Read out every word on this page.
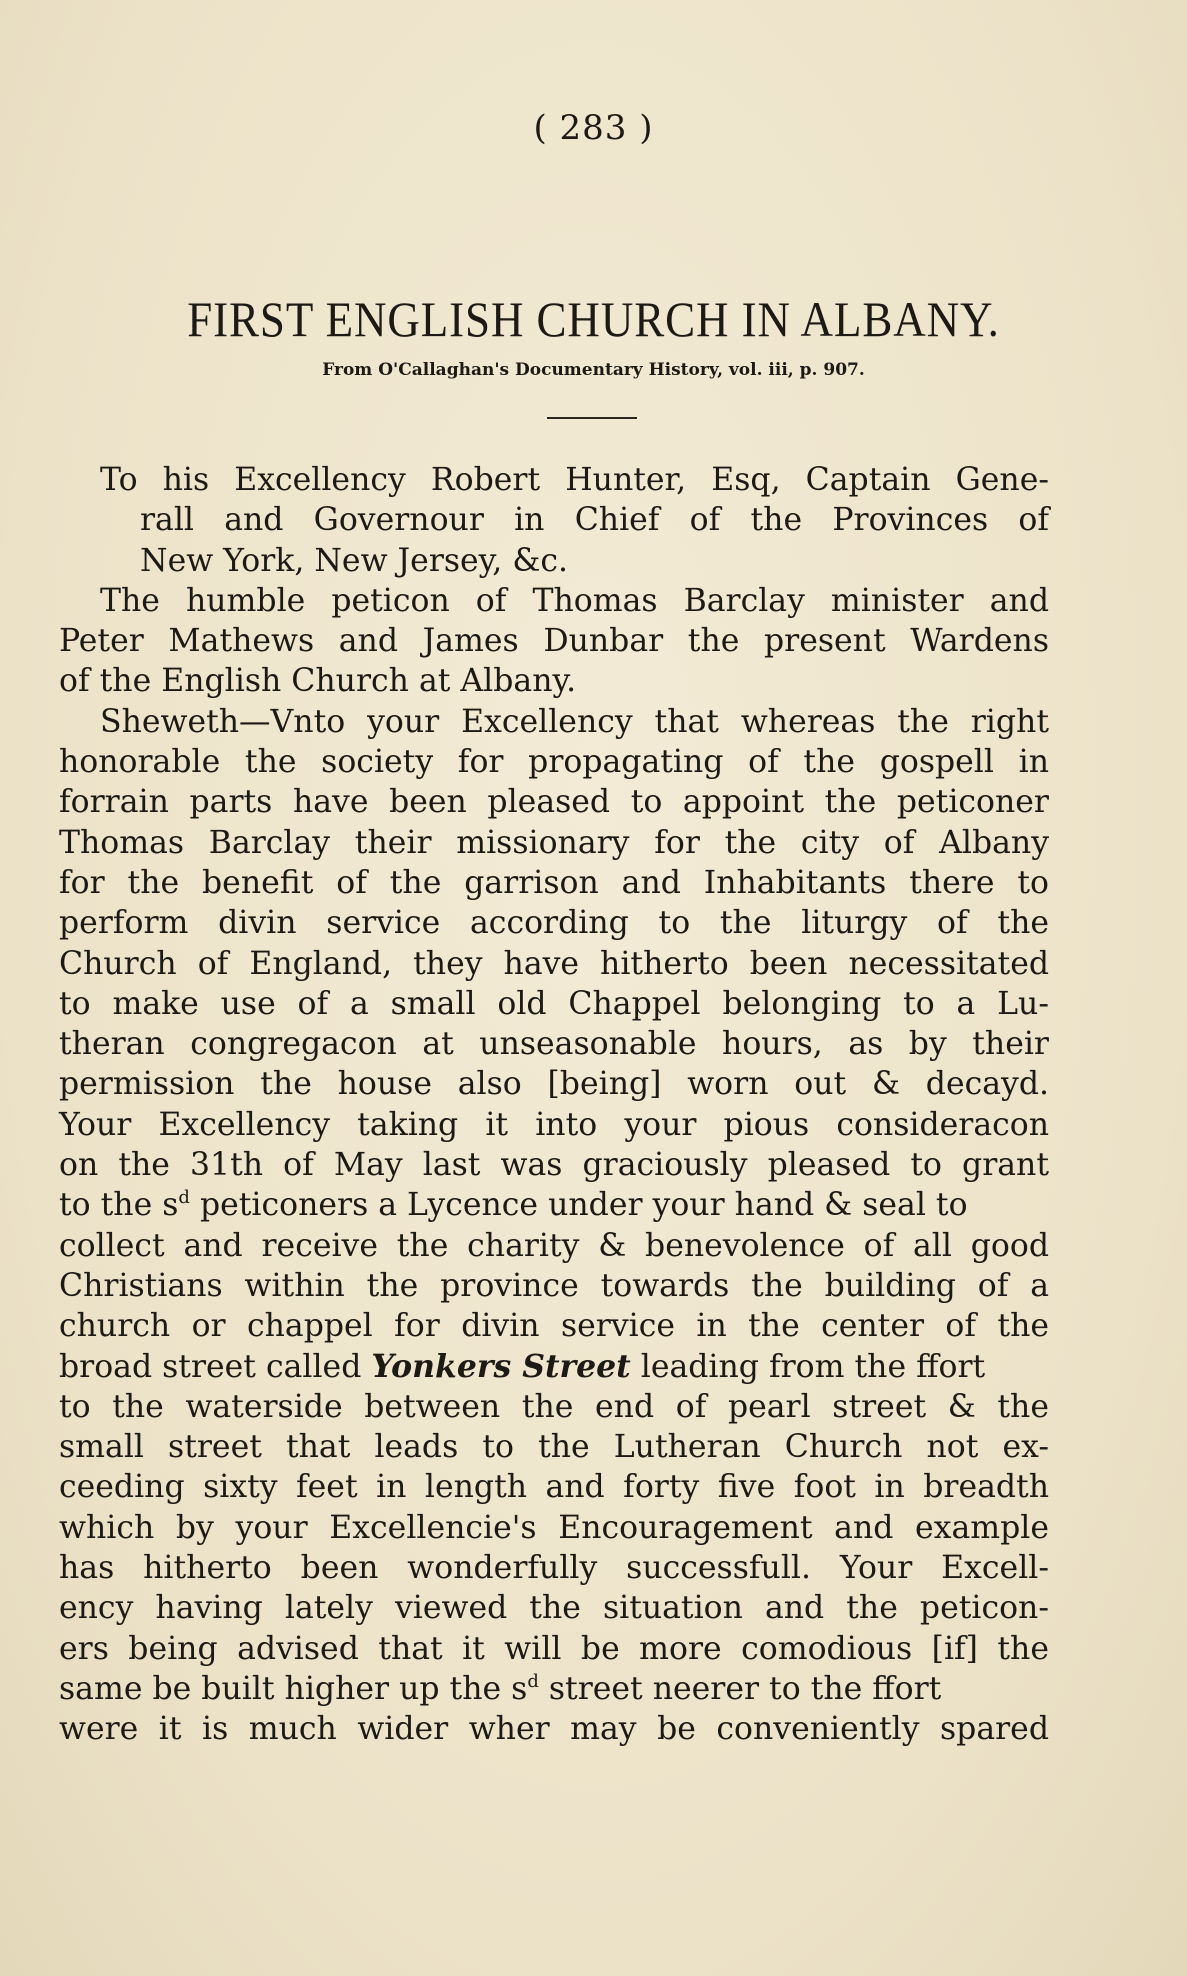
( 283 )
FIRST ENGLISH CHURCH IN ALBANY.
From O'Callaghan's Documentary History, vol. iii, p. 907.
To his Excellency Robert Hunter, Esq, Captain Gene-
rall and Governour in Chief of the Provinces of
New York, New Jersey, &c.
The humble peticon of Thomas Barclay minister and
Peter Mathews and James Dunbar the present Wardens
of the English Church at Albany.
Sheweth—Vnto your Excellency that whereas the right
honorable the society for propagating of the gospell in
forrain parts have been pleased to appoint the peticoner
Thomas Barclay their missionary for the city of Albany
for the benefit of the garrison and Inhabitants there to
perform divin service according to the liturgy of the
Church of England, they have hitherto been necessitated
to make use of a small old Chappel belonging to a Lu-
theran congregacon at unseasonable hours, as by their
permission the house also [being] worn out & decayd.
Your Excellency taking it into your pious consideracon
on the 31th of May last was graciously pleased to grant
to the $s^d$ peticoners a Lycence under your hand & seal to
collect and receive the charity & benevolence of all good
Christians within the province towards the building of a
church or chappel for divin service in the center of the
broad street called Yonkers Street leading from the ffort
to the waterside between the end of pearl street & the
small street that leads to the Lutheran Church not ex-
ceeding sixty feet in length and forty five foot in breadth
which by your Excellencie's Encouragement and example
has hitherto been wonderfully successfull. Your Excell-
ency having lately viewed the situation and the peticon-
ers being advised that it will be more comodious [if] the
same be built higher up the $s^d$ street neerer to the ffort
were it is much wider wher may be conveniently spared
